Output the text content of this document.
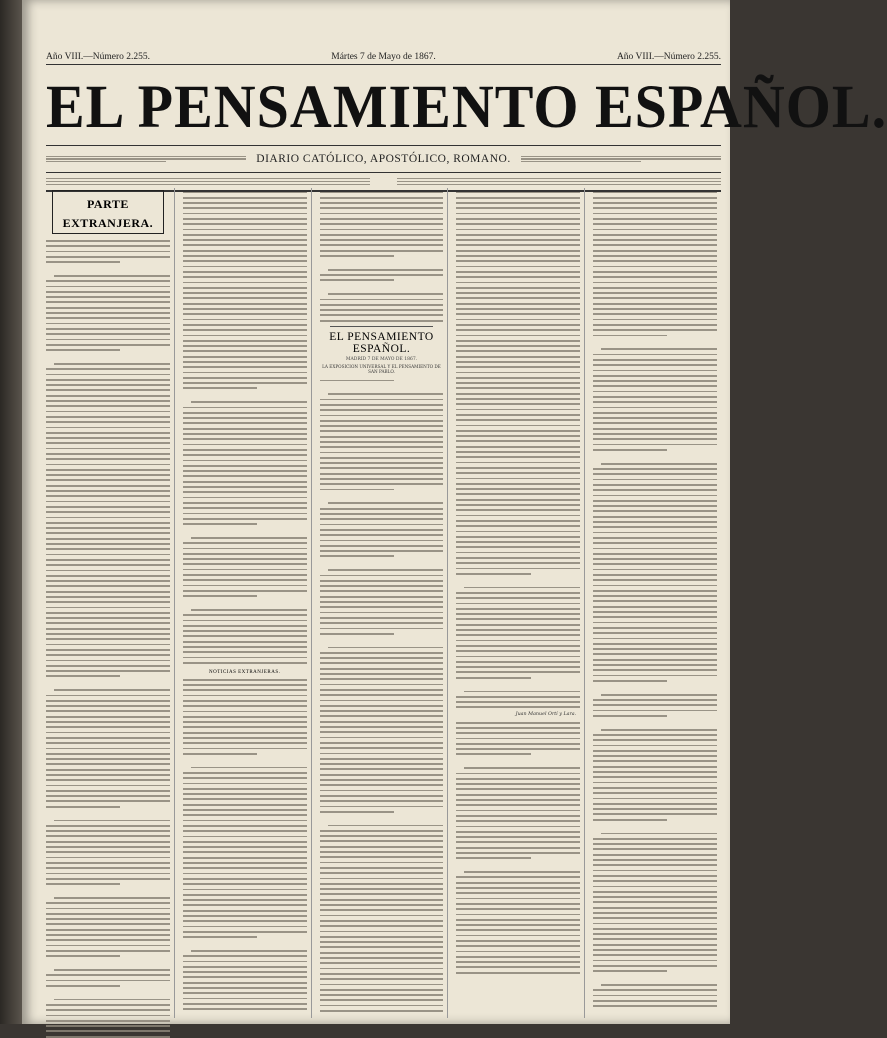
Año VIII.—Número 2.255.	Mártes 7 de Mayo de 1867.	Año VIII.—Número 2.255.
EL PENSAMIENTO ESPAÑOL.
DIARIO CATÓLICO, APOSTÓLICO, ROMANO.
PARTE EXTRANJERA.
NOTICIAS EXTRANJERAS.
EL PENSAMIENTO ESPAÑOL.
MADRID 7 DE MAYO DE 1867.
LA EXPOSICION UNIVERSAL Y EL PENSAMIENTO DE SAN PABLO.
Juan Manuel Ortí y Lara.
